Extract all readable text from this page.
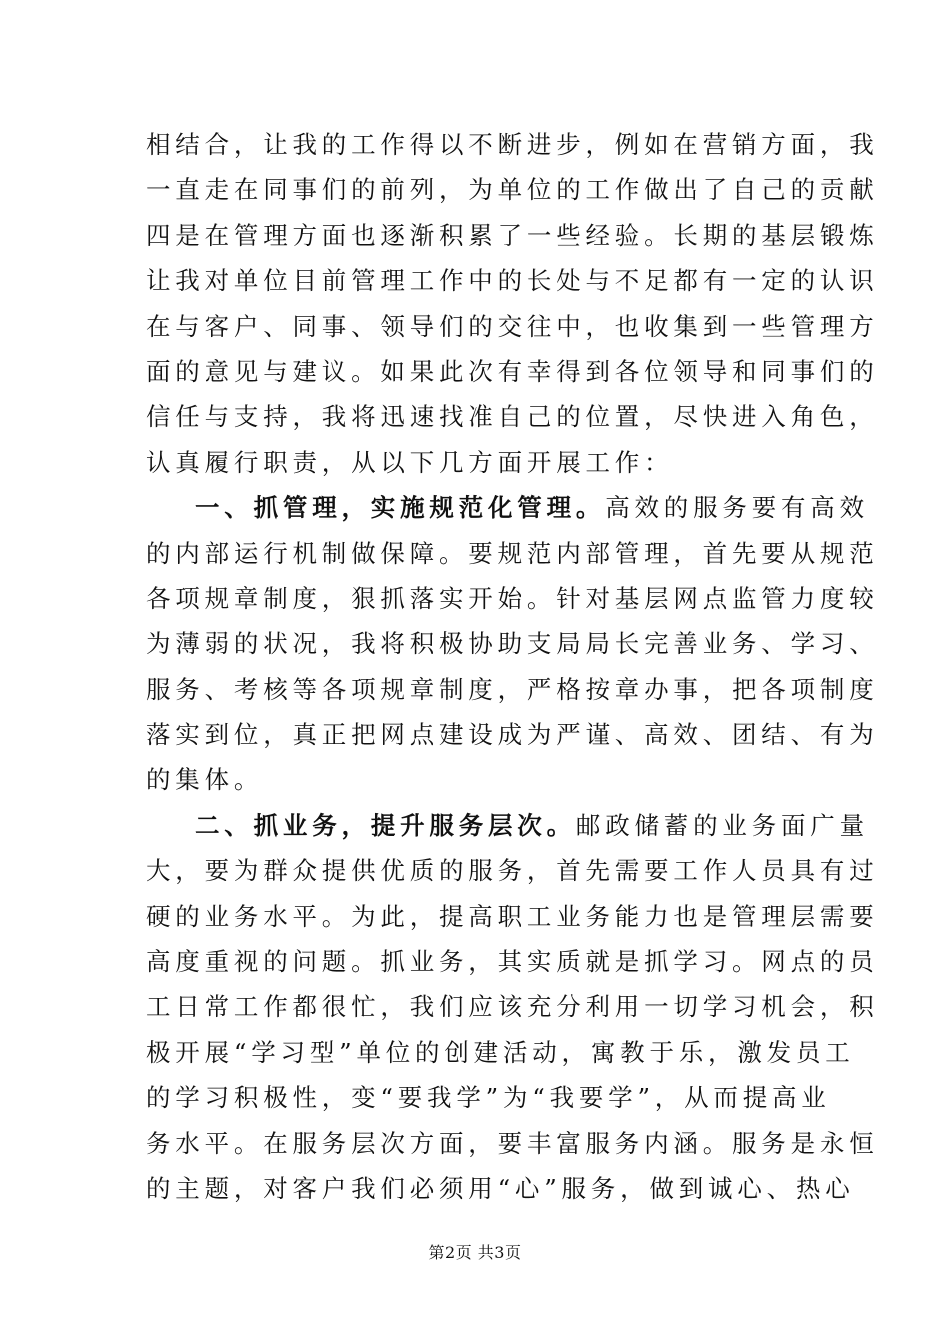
相结合，让我的工作得以不断进步，例如在营销方面，我
一直走在同事们的前列，为单位的工作做出了自己的贡献
四是在管理方面也逐渐积累了一些经验。长期的基层锻炼
让我对单位目前管理工作中的长处与不足都有一定的认识
在与客户、同事、领导们的交往中，也收集到一些管理方
面的意见与建议。如果此次有幸得到各位领导和同事们的
信任与支持，我将迅速找准自己的位置，尽快进入角色，
认真履行职责，从以下几方面开展工作：
一、抓管理，实施规范化管理。高效的服务要有高效
的内部运行机制做保障。要规范内部管理，首先要从规范
各项规章制度，狠抓落实开始。针对基层网点监管力度较
为薄弱的状况，我将积极协助支局局长完善业务、学习、
服务、考核等各项规章制度，严格按章办事，把各项制度
落实到位，真正把网点建设成为严谨、高效、团结、有为
的集体。
二、抓业务，提升服务层次。邮政储蓄的业务面广量
大，要为群众提供优质的服务，首先需要工作人员具有过
硬的业务水平。为此，提高职工业务能力也是管理层需要
高度重视的问题。抓业务，其实质就是抓学习。网点的员
工日常工作都很忙，我们应该充分利用一切学习机会，积
极开展“学习型”单位的创建活动，寓教于乐，激发员工
的学习积极性，变“要我学”为“我要学”，从而提高业
务水平。在服务层次方面，要丰富服务内涵。服务是永恒
的主题，对客户我们必须用“心”服务，做到诚心、热心
第2页 共3页
